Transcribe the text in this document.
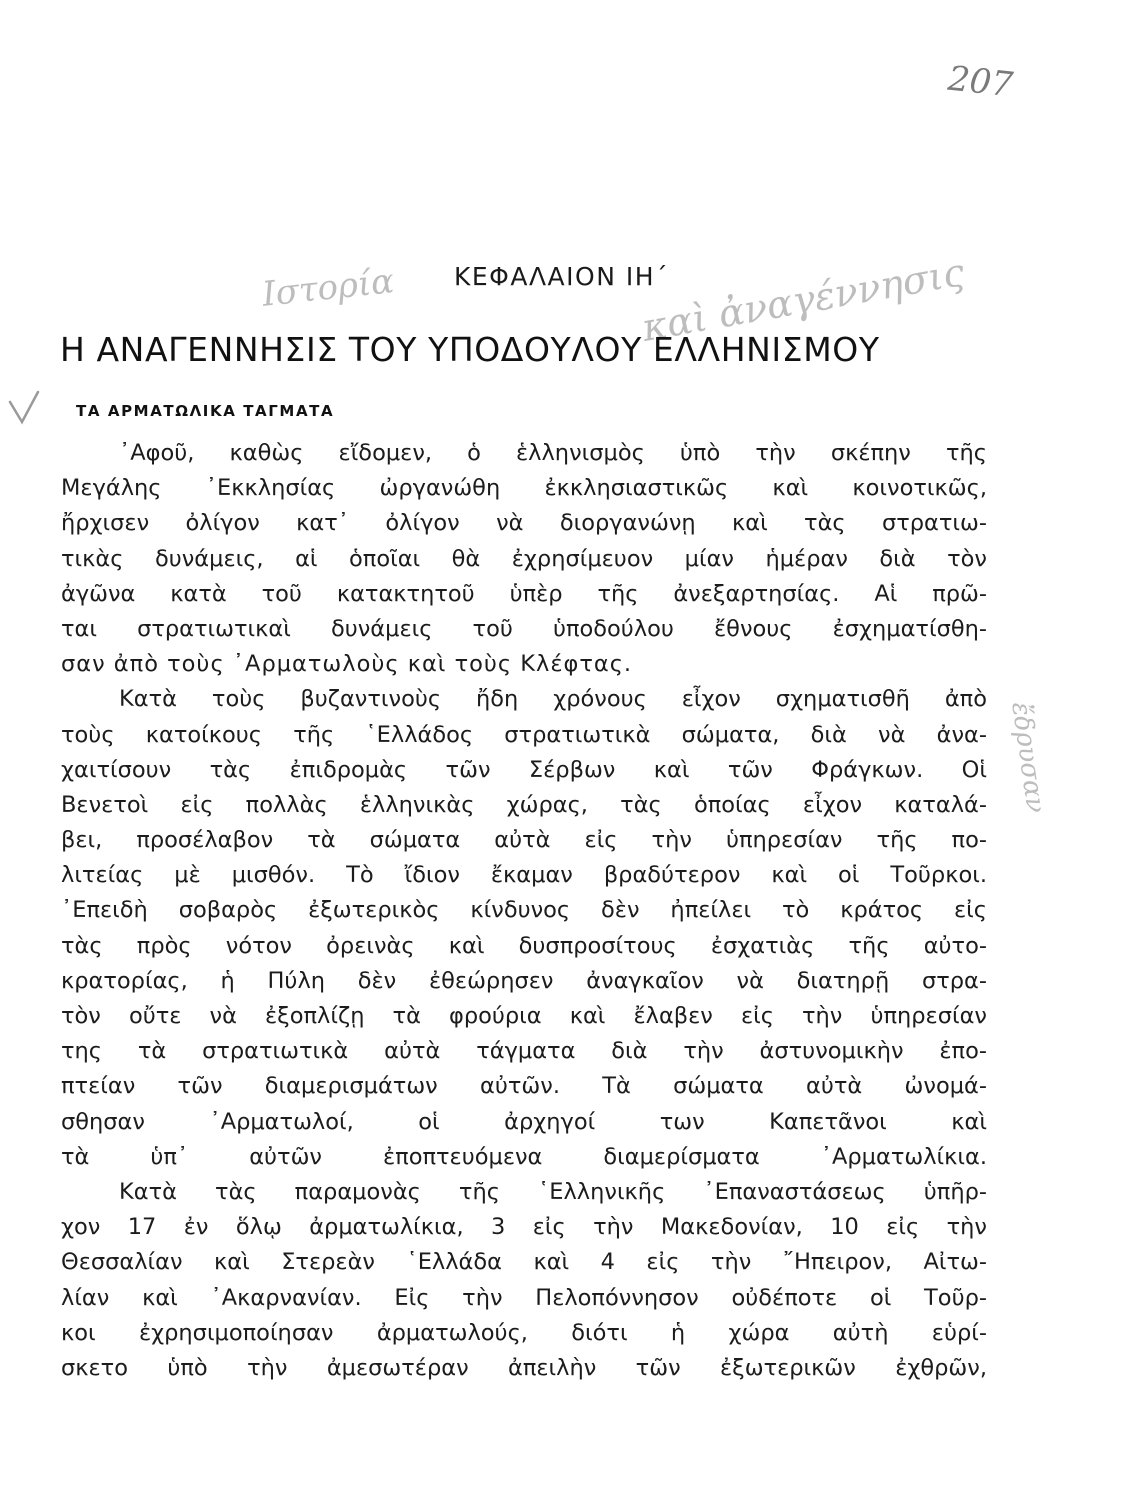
207
Ιστορία	καὶ ἀναγέννησις
ἔδρυσαν
ΚΕΦΑΛΑΙΟΝ ΙΗ΄
Η ΑΝΑΓΕΝΝΗΣΙΣ ΤΟΥ ΥΠΟΔΟΥΛΟΥ ΕΛΛΗΝΙΣΜΟΥ
ΤΑ ΑΡΜΑΤΩΛΙΚΑ ΤΑΓΜΑΤΑ
᾿Αφοῦ, καθὼς εἴδομεν, ὁ ἑλληνισμὸς ὑπὸ τὴν σκέπην τῆς
Μεγάλης ᾿Εκκλησίας ὠργανώθη ἐκκλησιαστικῶς καὶ κοινοτικῶς,
ἤρχισεν ὀλίγον κατ᾿ ὀλίγον νὰ διοργανώνῃ καὶ τὰς στρατιω-
τικὰς δυνάμεις, αἱ ὁποῖαι θὰ ἐχρησίμευον μίαν ἡμέραν διὰ τὸν
ἀγῶνα κατὰ τοῦ κατακτητοῦ ὑπὲρ τῆς ἀνεξαρτησίας. Αἱ πρῶ-
ται στρατιωτικαὶ δυνάμεις τοῦ ὑποδούλου ἔθνους ἐσχηματίσθη-
σαν ἀπὸ τοὺς ᾿Αρματωλοὺς καὶ τοὺς Κλέφτας.
Κατὰ τοὺς βυζαντινοὺς ἤδη χρόνους εἶχον σχηματισθῆ ἀπὸ
τοὺς κατοίκους τῆς ῾Ελλάδος στρατιωτικὰ σώματα, διὰ νὰ ἀνα-
χαιτίσουν τὰς ἐπιδρομὰς τῶν Σέρβων καὶ τῶν Φράγκων. Οἱ
Βενετοὶ εἰς πολλὰς ἑλληνικὰς χώρας, τὰς ὁποίας εἶχον καταλά-
βει, προσέλαβον τὰ σώματα αὐτὰ εἰς τὴν ὑπηρεσίαν τῆς πο-
λιτείας μὲ μισθόν. Τὸ ἴδιον ἔκαμαν βραδύτερον καὶ οἱ Τοῦρκοι.
᾿Επειδὴ σοβαρὸς ἐξωτερικὸς κίνδυνος δὲν ἠπείλει τὸ κράτος εἰς
τὰς πρὸς νότον ὀρεινὰς καὶ δυσπροσίτους ἐσχατιὰς τῆς αὐτο-
κρατορίας, ἡ Πύλη δὲν ἐθεώρησεν ἀναγκαῖον νὰ διατηρῇ στρα-
τὸν οὔτε νὰ ἐξοπλίζῃ τὰ φρούρια καὶ ἔλαβεν εἰς τὴν ὑπηρεσίαν
της τὰ στρατιωτικὰ αὐτὰ τάγματα διὰ τὴν ἀστυνομικὴν ἐπο-
πτείαν τῶν διαμερισμάτων αὐτῶν. Τὰ σώματα αὐτὰ ὠνομά-
σθησαν ᾿Αρματωλοί, οἱ ἀρχηγοί των Καπετᾶνοι καὶ
τὰ ὑπ᾿ αὐτῶν ἐποπτευόμενα διαμερίσματα ᾿Αρματωλίκια.
Κατὰ τὰς παραμονὰς τῆς ῾Ελληνικῆς ᾿Επαναστάσεως ὑπῆρ-
χον 17 ἐν ὅλῳ ἀρματωλίκια, 3 εἰς τὴν Μακεδονίαν, 10 εἰς τὴν
Θεσσαλίαν καὶ Στερεὰν ῾Ελλάδα καὶ 4 εἰς τὴν ῎Ηπειρον, Αἰτω-
λίαν καὶ ᾿Ακαρνανίαν. Εἰς τὴν Πελοπόννησον οὐδέποτε οἱ Τοῦρ-
κοι ἐχρησιμοποίησαν ἀρματωλούς, διότι ἡ χώρα αὐτὴ εὑρί-
σκετο ὑπὸ τὴν ἀμεσωτέραν ἀπειλὴν τῶν ἐξωτερικῶν ἐχθρῶν,
